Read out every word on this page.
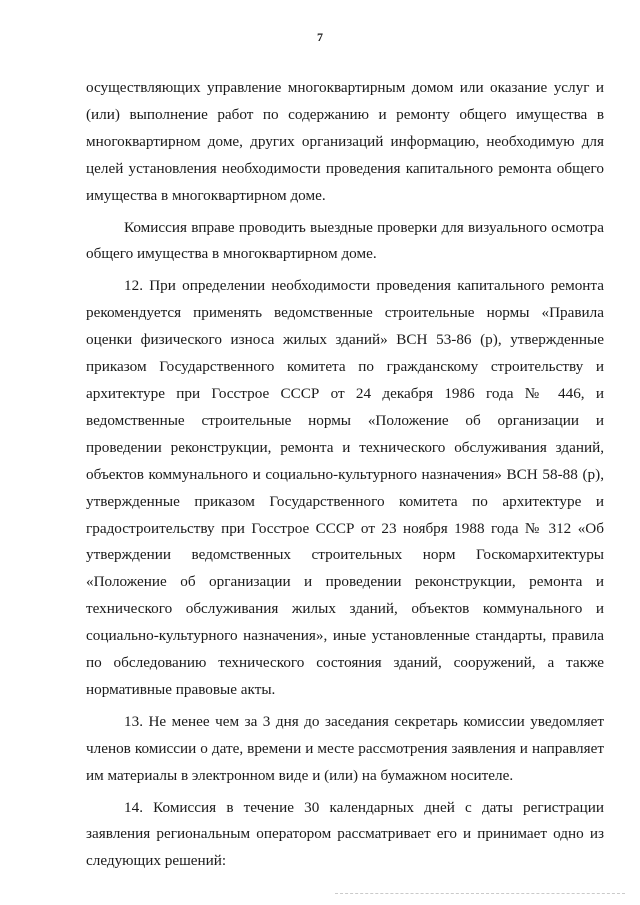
7

осуществляющих управление многоквартирным домом или оказание услуг и (или) выполнение работ по содержанию и ремонту общего имущества в многоквартирном доме, других организаций информацию, необходимую для целей установления необходимости проведения капитального ремонта общего имущества в многоквартирном доме.

Комиссия вправе проводить выездные проверки для визуального осмотра общего имущества в многоквартирном доме.

12. При определении необходимости проведения капитального ремонта рекомендуется применять ведомственные строительные нормы «Правила оценки физического износа жилых зданий» ВСН 53-86 (р), утвержденные приказом Государственного комитета по гражданскому строительству и архитектуре при Госстрое СССР от 24 декабря 1986 года № 446, и ведомственные строительные нормы «Положение об организации и проведении реконструкции, ремонта и технического обслуживания зданий, объектов коммунального и социально-культурного назначения» ВСН 58-88 (р), утвержденные приказом Государственного комитета по архитектуре и градостроительству при Госстрое СССР от 23 ноября 1988 года № 312 «Об утверждении ведомственных строительных норм Госкомархитектуры «Положение об организации и проведении реконструкции, ремонта и технического обслуживания жилых зданий, объектов коммунального и социально-культурного назначения», иные установленные стандарты, правила по обследованию технического состояния зданий, сооружений, а также нормативные правовые акты.

13. Не менее чем за 3 дня до заседания секретарь комиссии уведомляет членов комиссии о дате, времени и месте рассмотрения заявления и направляет им материалы в электронном виде и (или) на бумажном носителе.

14. Комиссия в течение 30 календарных дней с даты регистрации заявления региональным оператором рассматривает его и принимает одно из следующих решений:
